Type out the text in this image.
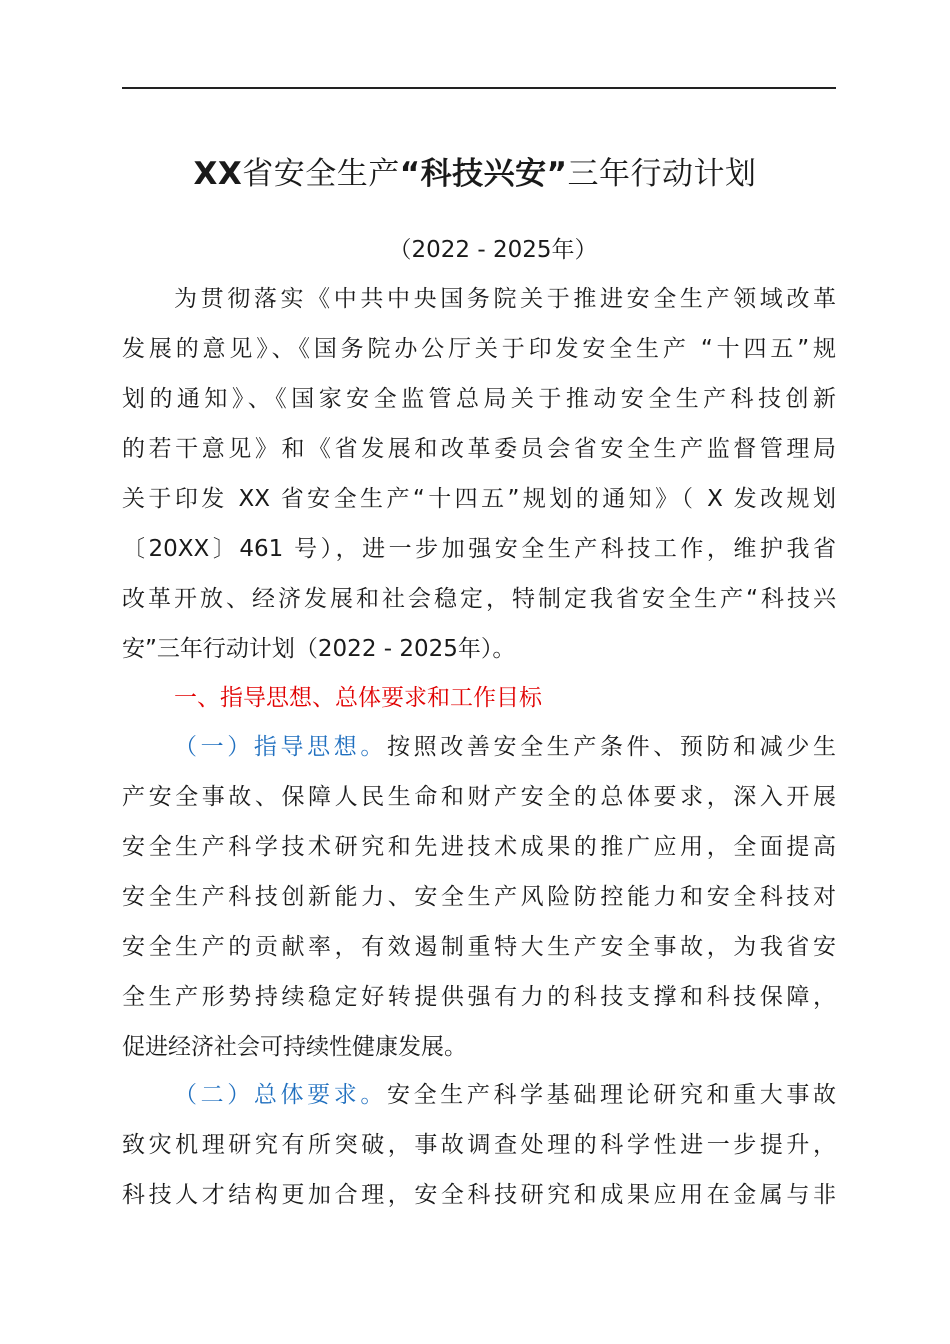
XX省安全生产“科技兴安”三年行动计划
（2022 - 2025年）
为贯彻落实《中共中央国务院关于推进安全生产领域改革
发展的意见》、《国务院办公厅关于印发安全生产 “十四五”规
划的通知》、《国家安全监管总局关于推动安全生产科技创新
的若干意见》和《省发展和改革委员会省安全生产监督管理局
关于印发 XX 省安全生产“十四五”规划的通知》（ X 发改规划
〔20XX〕461 号），进一步加强安全生产科技工作，维护我省
改革开放、经济发展和社会稳定，特制定我省安全生产“科技兴
安”三年行动计划（2022 - 2025年）。
一、指导思想、总体要求和工作目标
（一）指导思想。按照改善安全生产条件、预防和减少生
产安全事故、保障人民生命和财产安全的总体要求，深入开展
安全生产科学技术研究和先进技术成果的推广应用，全面提高
安全生产科技创新能力、安全生产风险防控能力和安全科技对
安全生产的贡献率，有效遏制重特大生产安全事故，为我省安
全生产形势持续稳定好转提供强有力的科技支撑和科技保障，
促进经济社会可持续性健康发展。
（二）总体要求。安全生产科学基础理论研究和重大事故
致灾机理研究有所突破，事故调查处理的科学性进一步提升，
科技人才结构更加合理，安全科技研究和成果应用在金属与非
